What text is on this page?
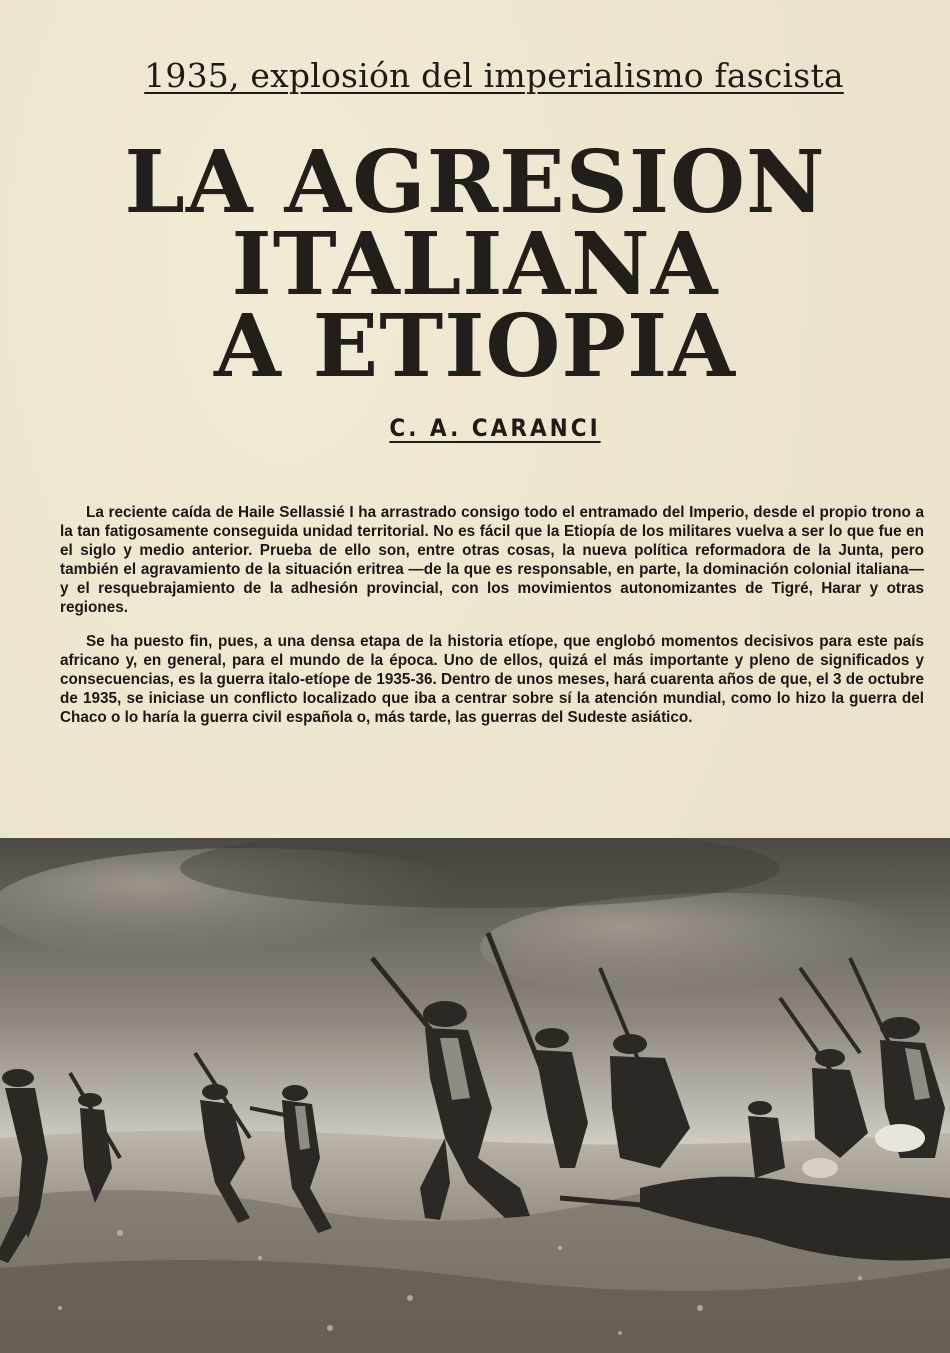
1935, explosión del imperialismo fascista
LA AGRESION
ITALIANA
A ETIOPIA
C. A. CARANCI

La reciente caída de Haile Sellassié I ha arrastrado consigo todo el entramado del Imperio, desde el propio trono a la tan fatigosamente conseguida unidad territorial. No es fácil que la Etiopía de los militares vuelva a ser lo que fue en el siglo y medio anterior. Prueba de ello son, entre otras cosas, la nueva política reformadora de la Junta, pero también el agravamiento de la situación eritrea —de la que es responsable, en parte, la dominación colonial italiana— y el resquebrajamiento de la adhesión provincial, con los movimientos autonomizantes de Tigré, Harar y otras regiones.

Se ha puesto fin, pues, a una densa etapa de la historia etíope, que englobó momentos decisivos para este país africano y, en general, para el mundo de la época. Uno de ellos, quizá el más importante y pleno de significados y consecuencias, es la guerra italo-etíope de 1935-36. Dentro de unos meses, hará cuarenta años de que, el 3 de octubre de 1935, se iniciase un conflicto localizado que iba a centrar sobre sí la atención mundial, como lo hizo la guerra del Chaco o lo haría la guerra civil española o, más tarde, las guerras del Sudeste asiático.
